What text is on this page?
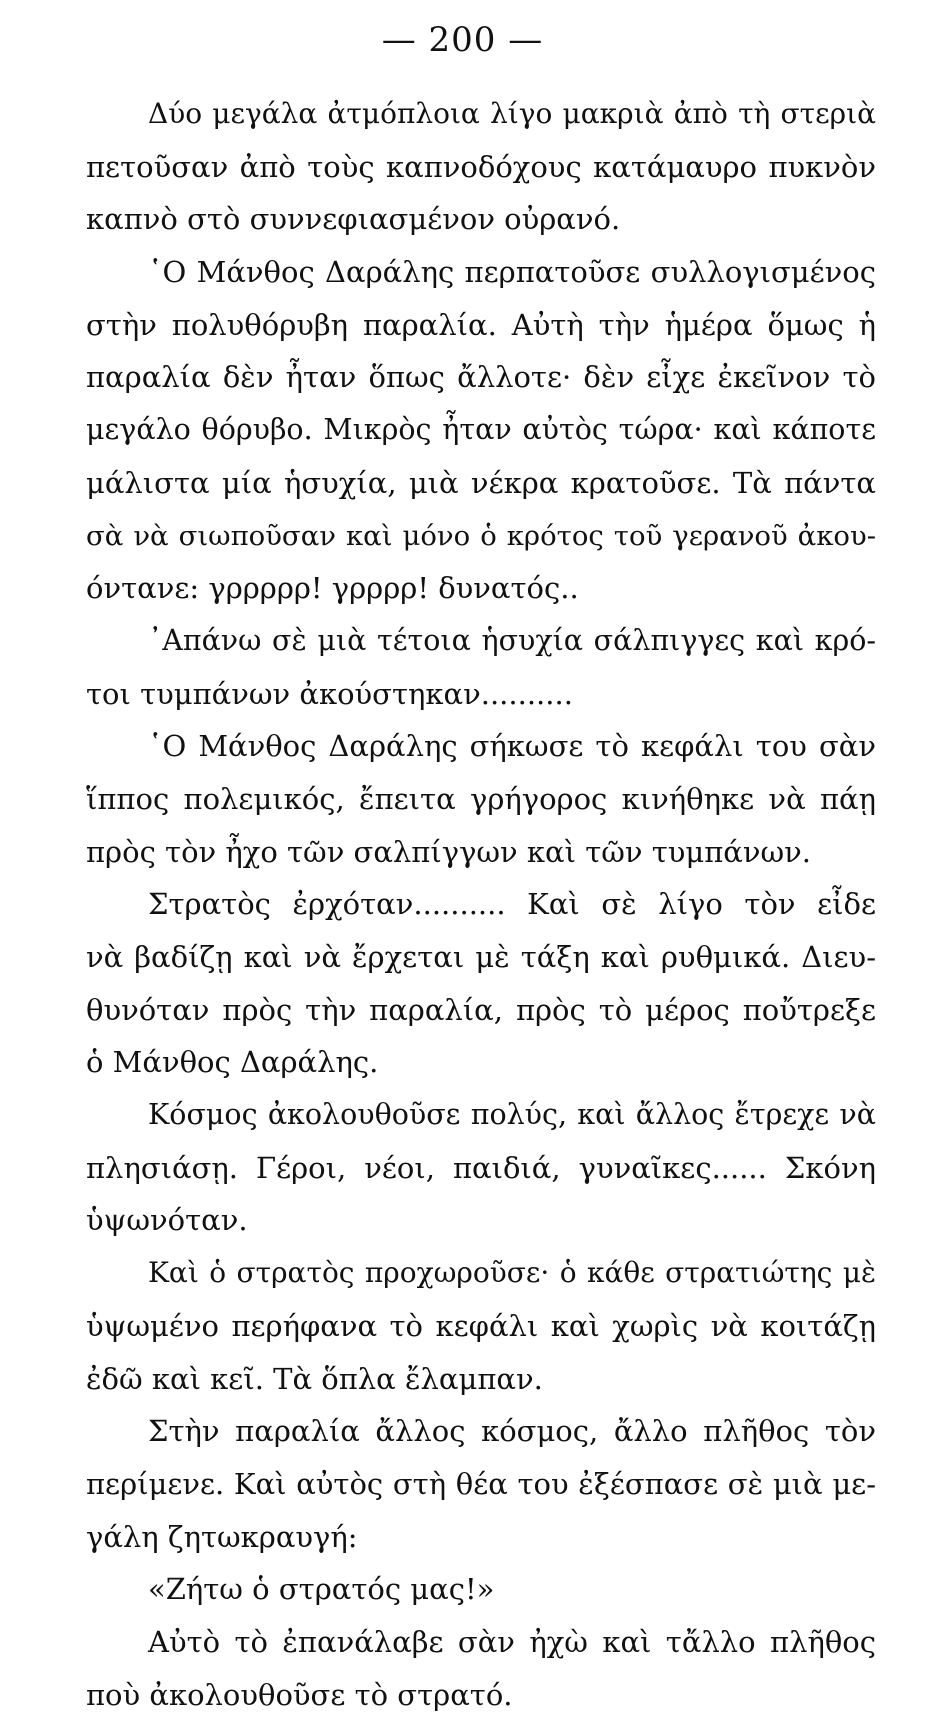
— 200 —
Δύο μεγάλα ἀτμόπλοια λίγο μακριὰ ἀπὸ τὴ στεριὰ
πετοῦσαν ἀπὸ τοὺς καπνοδόχους κατάμαυρο πυκνὸν
καπνὸ στὸ συννεφιασμένον οὐρανό.
῾Ο Μάνθος Δαράλης περπατοῦσε συλλογισμένος
στὴν πολυθόρυβη παραλία. Αὐτὴ τὴν ἡμέρα ὅμως ἡ
παραλία δὲν ἦταν ὅπως ἄλλοτε· δὲν εἶχε ἐκεῖνον τὸ
μεγάλο θόρυβο. Μικρὸς ἦταν αὐτὸς τώρα· καὶ κάποτε
μάλιστα μία ἡσυχία, μιὰ νέκρα κρατοῦσε. Τὰ πάντα
σὰ νὰ σιωποῦσαν καὶ μόνο ὁ κρότος τοῦ γερανοῦ ἀκου-
όντανε: γρρρρρ! γρρρρ! δυνατός..
᾿Απάνω σὲ μιὰ τέτοια ἡσυχία σάλπιγγες καὶ κρό-
τοι τυμπάνων ἀκούστηκαν..........
῾Ο Μάνθος Δαράλης σήκωσε τὸ κεφάλι του σὰν
ἵππος πολεμικός, ἔπειτα γρήγορος κινήθηκε νὰ πάῃ
πρὸς τὸν ἦχο τῶν σαλπίγγων καὶ τῶν τυμπάνων.
Στρατὸς ἐρχόταν.......... Καὶ σὲ λίγο τὸν εἶδε
νὰ βαδίζῃ καὶ νὰ ἔρχεται μὲ τάξη καὶ ρυθμικά. Διευ-
θυνόταν πρὸς τὴν παραλία, πρὸς τὸ μέρος ποὔτρεξε
ὁ Μάνθος Δαράλης.
Κόσμος ἀκολουθοῦσε πολύς, καὶ ἄλλος ἔτρεχε νὰ
πλησιάσῃ. Γέροι, νέοι, παιδιά, γυναῖκες...... Σκόνη
ὑψωνόταν.
Καὶ ὁ στρατὸς προχωροῦσε· ὁ κάθε στρατιώτης μὲ
ὑψωμένο περήφανα τὸ κεφάλι καὶ χωρὶς νὰ κοιτάζῃ
ἐδῶ καὶ κεῖ. Τὰ ὅπλα ἔλαμπαν.
Στὴν παραλία ἄλλος κόσμος, ἄλλο πλῆθος τὸν
περίμενε. Καὶ αὐτὸς στὴ θέα του ἐξέσπασε σὲ μιὰ με-
γάλη ζητωκραυγή:
«Ζήτω ὁ στρατός μας!»
Αὐτὸ τὸ ἐπανάλαβε σὰν ἠχὼ καὶ τἄλλο πλῆθος
ποὺ ἀκολουθοῦσε τὸ στρατό.
